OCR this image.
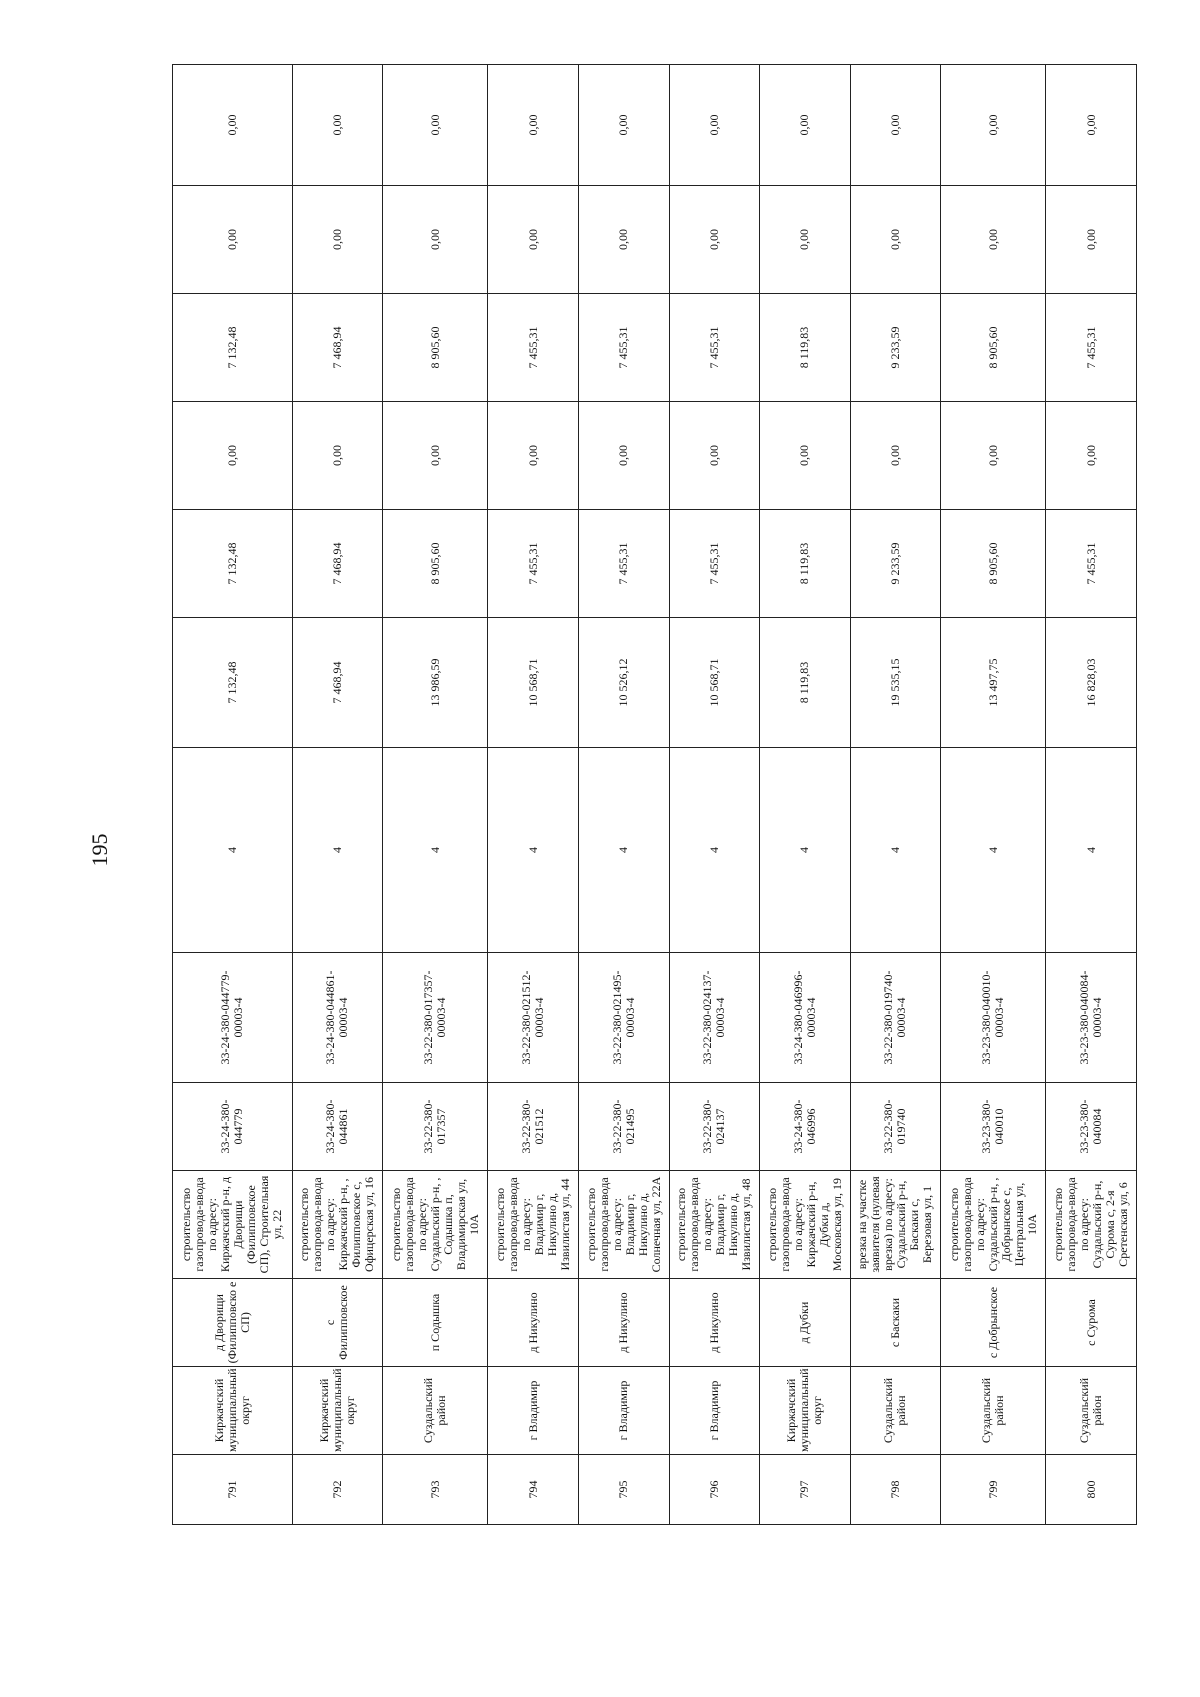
195
791	Киржачский муниципальный округ	д Дворищи (Филипповско е СП)	строительство газопровода-ввода по адресу: Киржачский р-н, д Дворищи (Филипповское СП), Строительная ул, 22	33-24-380-044779	33-24-380-044779-00003-4	4	7 132,48	7 132,48	0,00	7 132,48	0,00	0,00
792	Киржачский муниципальный округ	с Филипповское	строительство газопровода-ввода по адресу: Киржачский р-н, , Филипповское с, Офицерская ул, 16	33-24-380-044861	33-24-380-044861-00003-4	4	7 468,94	7 468,94	0,00	7 468,94	0,00	0,00
793	Суздальский район	п Содышка	строительство газопровода-ввода по адресу: Суздальский р-н, , Содышка п, Владимирская ул, 10А	33-22-380-017357	33-22-380-017357-00003-4	4	13 986,59	8 905,60	0,00	8 905,60	0,00	0,00
794	г Владимир	д Никулино	строительство газопровода-ввода по адресу: Владимир г, Никулино д, Извилистая ул, 44	33-22-380-021512	33-22-380-021512-00003-4	4	10 568,71	7 455,31	0,00	7 455,31	0,00	0,00
795	г Владимир	д Никулино	строительство газопровода-ввода по адресу: Владимир г, Никулино д, Солнечная ул, 22А	33-22-380-021495	33-22-380-021495-00003-4	4	10 526,12	7 455,31	0,00	7 455,31	0,00	0,00
796	г Владимир	д Никулино	строительство газопровода-ввода по адресу: Владимир г, Никулино д, Извилистая ул, 48	33-22-380-024137	33-22-380-024137-00003-4	4	10 568,71	7 455,31	0,00	7 455,31	0,00	0,00
797	Киржачский муниципальный округ	д Дубки	строительство газопровода-ввода по адресу: Киржачский р-н, Дубки д, Московская ул, 19	33-24-380-046996	33-24-380-046996-00003-4	4	8 119,83	8 119,83	0,00	8 119,83	0,00	0,00
798	Суздальский район	с Баскаки	врезка на участке заявителя (нулевая врезка) по адресу: Суздальский р-н, Баскаки с, Березовая ул, 1	33-22-380-019740	33-22-380-019740-00003-4	4	19 535,15	9 233,59	0,00	9 233,59	0,00	0,00
799	Суздальский район	с Добрынское	строительство газопровода-ввода по адресу: Суздальский р-н, , Добрынское с, Центральная ул, 10А	33-23-380-040010	33-23-380-040010-00003-4	4	13 497,75	8 905,60	0,00	8 905,60	0,00	0,00
800	Суздальский район	с Сурома	строительство газопровода-ввода по адресу: Суздальский р-н, Сурома с, 2-я Сретенская ул, 6	33-23-380-040084	33-23-380-040084-00003-4	4	16 828,03	7 455,31	0,00	7 455,31	0,00	0,00
